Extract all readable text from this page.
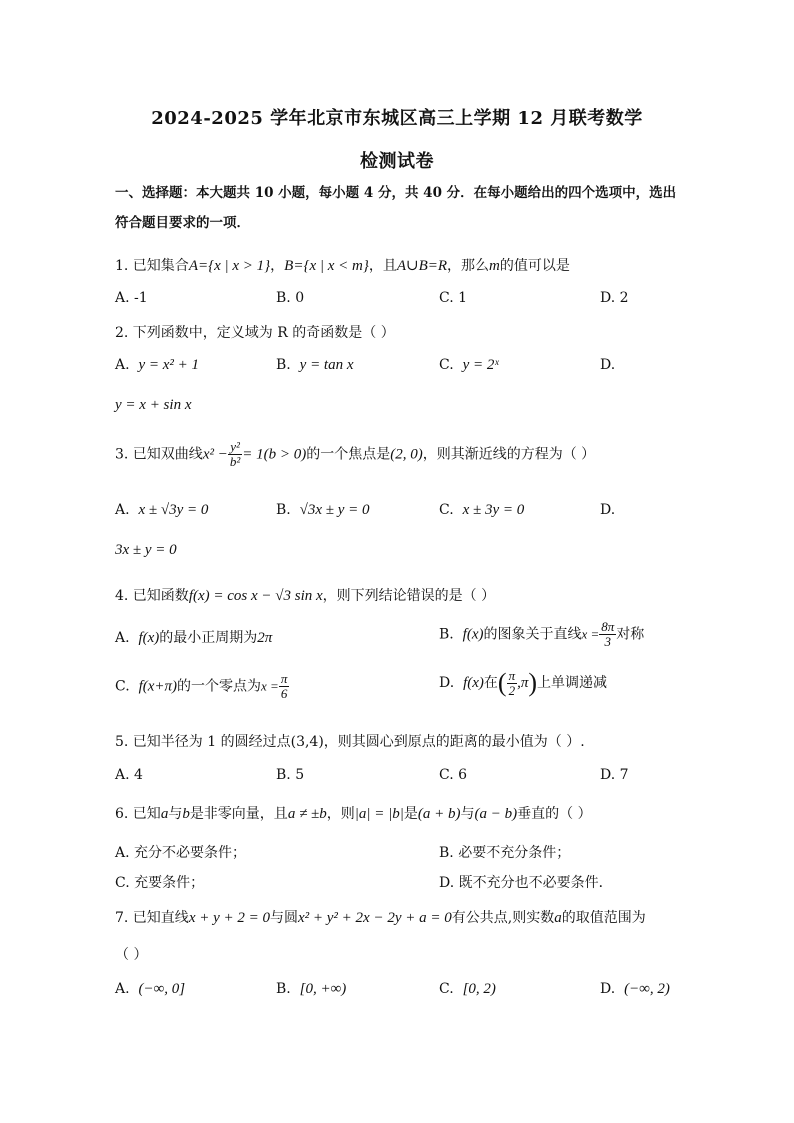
2024-2025 学年北京市东城区高三上学期 12 月联考数学
检测试卷
一、选择题：本大题共 10 小题，每小题 4 分，共 40 分．在每小题给出的四个选项中，选出符合题目要求的一项．
1. 已知集合A={x | x > 1}，B={x | x < m}，且A∪B=R，那么m的值可以是
A. -1	B. 0	C. 1	D. 2
2. 下列函数中，定义域为 R 的奇函数是（ ）
A. y = x² + 1	B. y = tan x	C. y = 2ˣ	D.
y = x + sin x
3. 已知双曲线$x^2 - \frac{\text{y²}}{\text{b²}} = 1(b > 0)$的一个焦点是(2, 0)，则其渐近线的方程为（ ）
A. x ± √3y = 0	B. √3x ± y = 0	C. x ± 3y = 0	D.
3x ± y = 0
4. 已知函数f(x) = cos x − √3 sin x，则下列结论错误的是（ ）
A. f(x)的最小正周期为2π	B. f(x)的图象关于直线$x = \frac{8\pi}{3}$ 对称
C. f(x+π)的一个零点为$x = \frac{\pi}{6}$	D. f(x)在( $\frac{\pi}{2} ,\pi$)上单调递减
5. 已知半径为 1 的圆经过点(3,4)，则其圆心到原点的距离的最小值为（ ）.
A. 4	B. 5	C. 6	D. 7
6. 已知a与b是非零向量，且a ≠ ±b，则|a| = |b|是(a + b)与(a − b)垂直的（ ）
A. 充分不必要条件；	B. 必要不充分条件；
C. 充要条件；	D. 既不充分也不必要条件．
7. 已知直线x + y + 2 = 0与圆x² + y² + 2x − 2y + a = 0有公共点,则实数a的取值范围为
（ ）
A. (−∞, 0]	B. [0, +∞)	C. [0, 2)	D. (−∞, 2)
